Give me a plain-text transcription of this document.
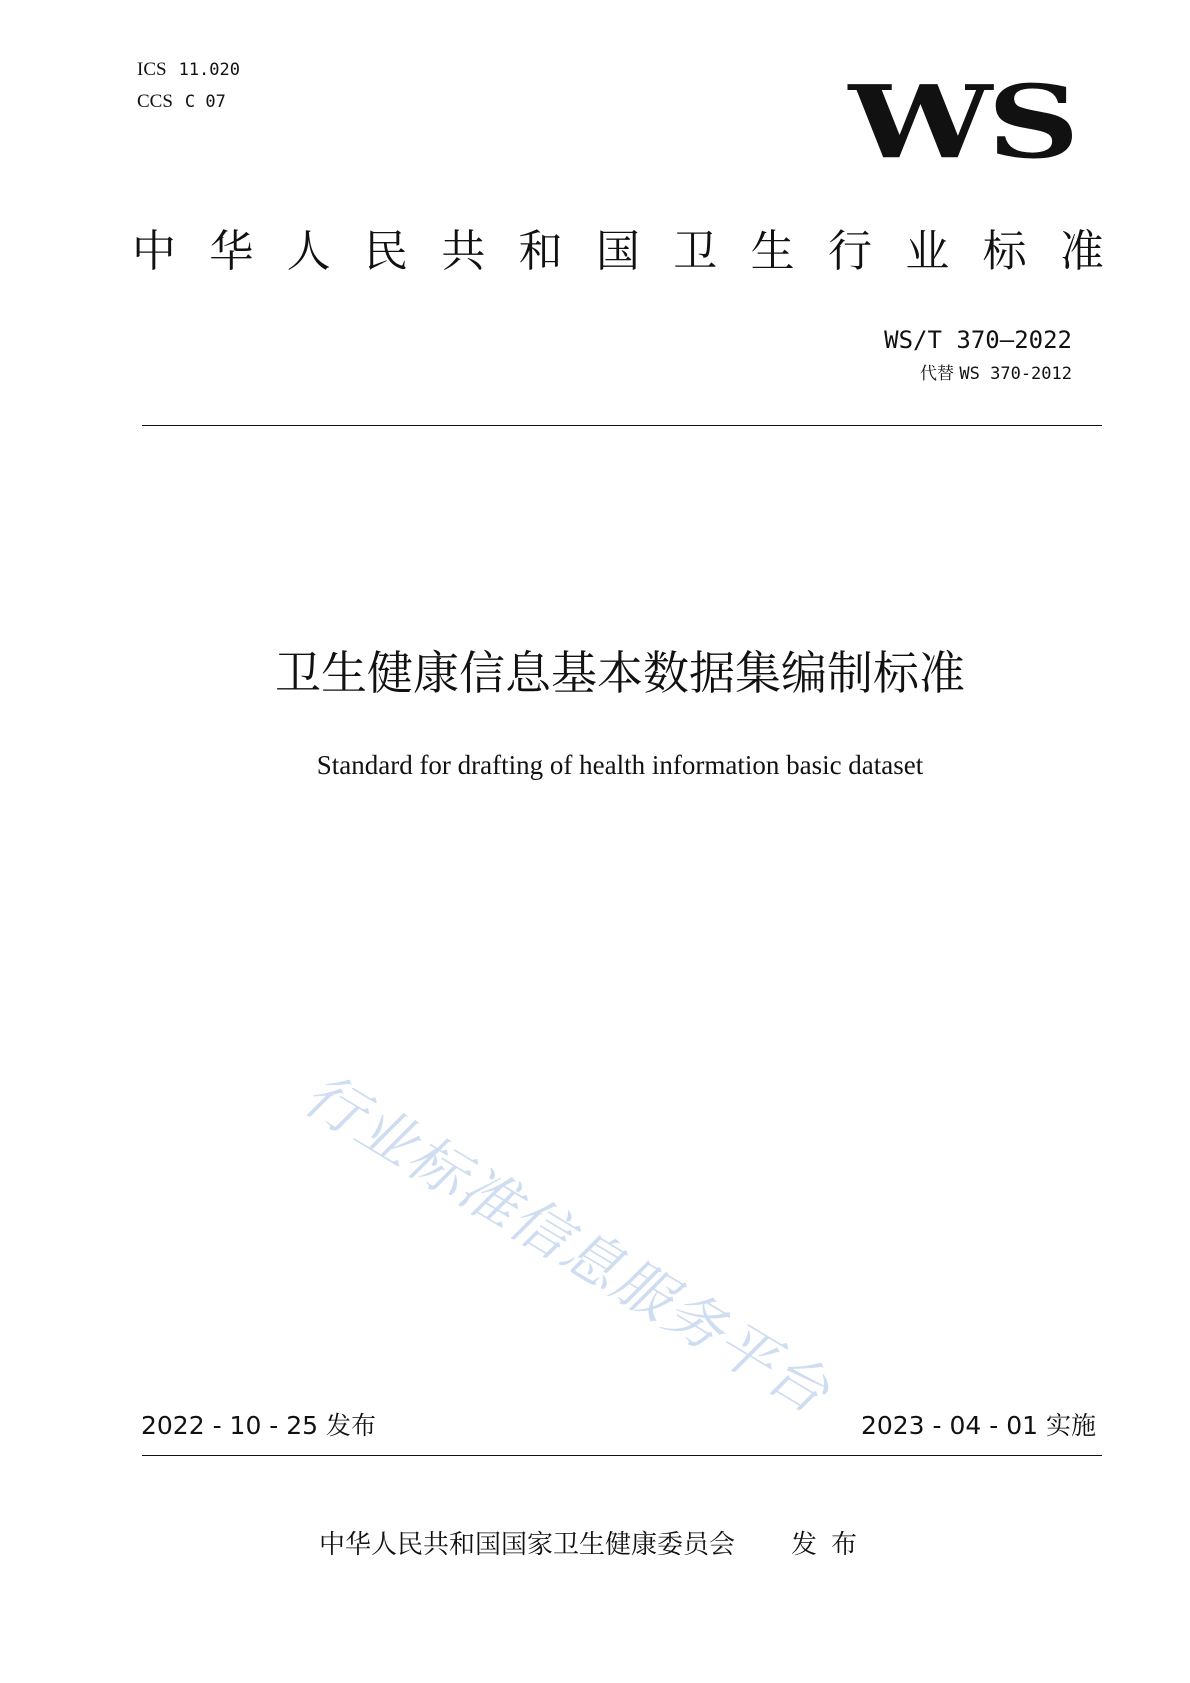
ICS 11.020
CCS C 07	WS
中 华 人 民 共 和 国 卫 生 行 业 标 准
WS/T 370—2022
代替 WS 370-2012
卫生健康信息基本数据集编制标准
Standard for drafting of health information basic dataset
行业标准信息服务平台
2022 - 10 - 25 发布	2023 - 04 - 01 实施
中华人民共和国国家卫生健康委员会 发布
